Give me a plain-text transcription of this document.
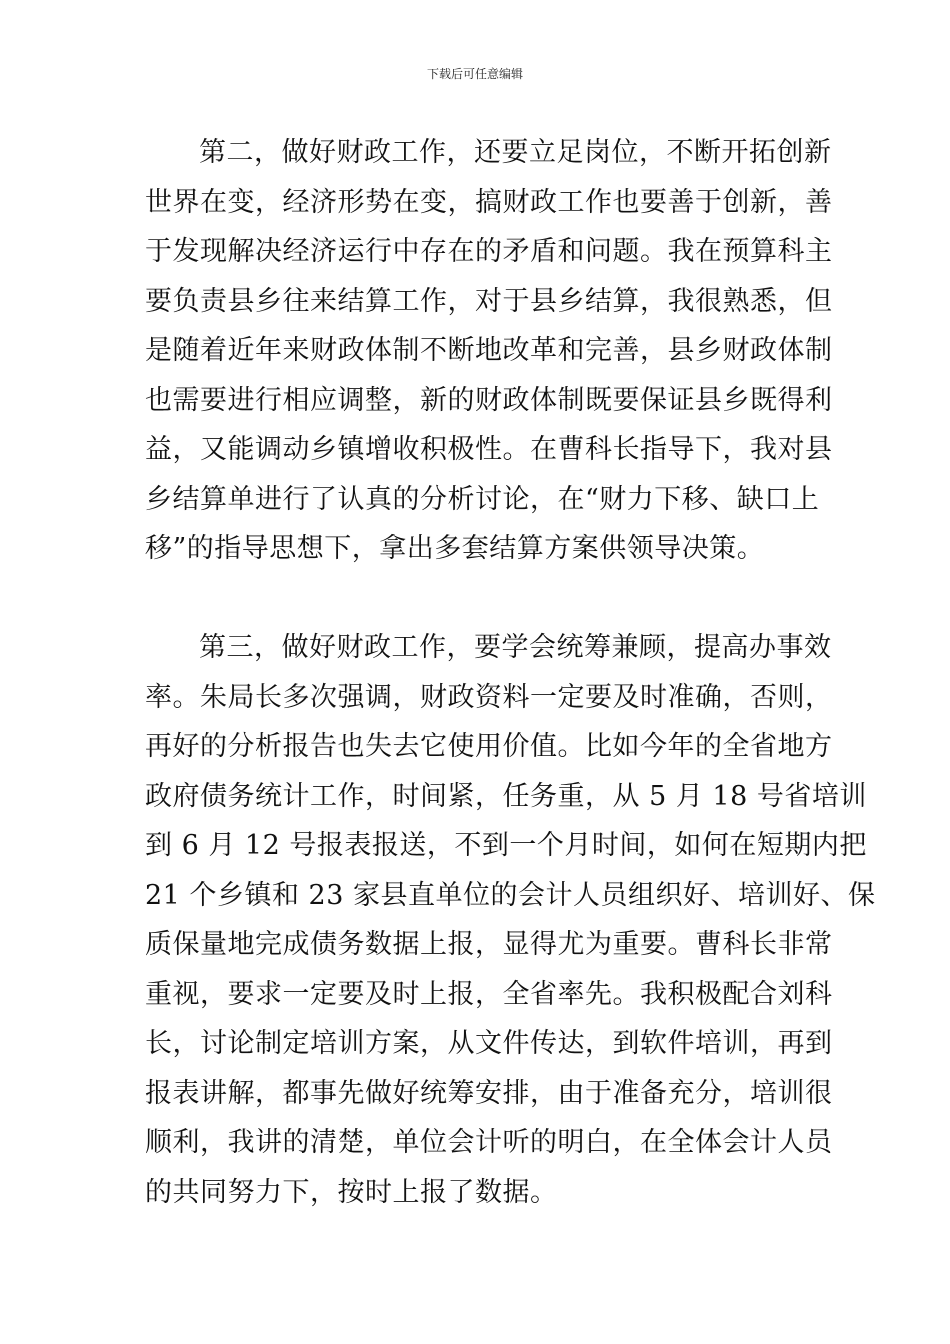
下载后可任意编辑
第二，做好财政工作，还要立足岗位，不断开拓创新
世界在变，经济形势在变，搞财政工作也要善于创新，善
于发现解决经济运行中存在的矛盾和问题。我在预算科主
要负责县乡往来结算工作，对于县乡结算，我很熟悉，但
是随着近年来财政体制不断地改革和完善，县乡财政体制
也需要进行相应调整，新的财政体制既要保证县乡既得利
益，又能调动乡镇增收积极性。在曹科长指导下，我对县
乡结算单进行了认真的分析讨论，在“财力下移、缺口上
移”的指导思想下，拿出多套结算方案供领导决策。
第三，做好财政工作，要学会统筹兼顾，提高办事效
率。朱局长多次强调，财政资料一定要及时准确，否则，
再好的分析报告也失去它使用价值。比如今年的全省地方
政府债务统计工作，时间紧，任务重，从 5 月 18 号省培训
到 6 月 12 号报表报送，不到一个月时间，如何在短期内把
21 个乡镇和 23 家县直单位的会计人员组织好、培训好、保
质保量地完成债务数据上报，显得尤为重要。曹科长非常
重视，要求一定要及时上报，全省率先。我积极配合刘科
长，讨论制定培训方案，从文件传达，到软件培训，再到
报表讲解，都事先做好统筹安排，由于准备充分，培训很
顺利，我讲的清楚，单位会计听的明白，在全体会计人员
的共同努力下，按时上报了数据。
